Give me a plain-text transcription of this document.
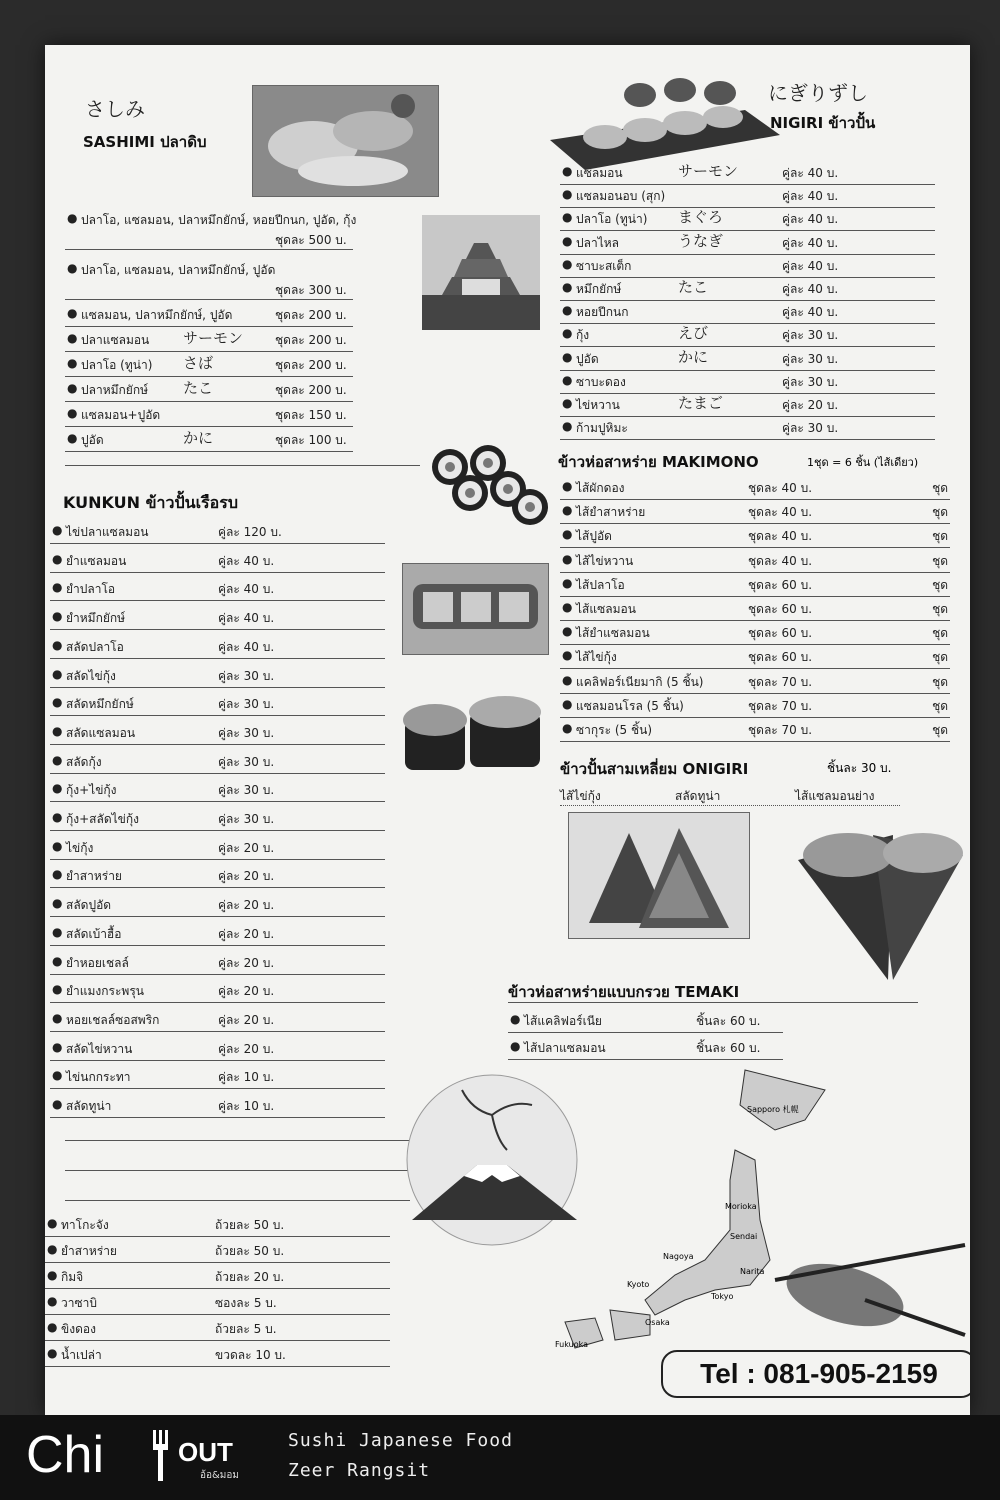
さしみ
SASHIMI ปลาดิบ
● ปลาโอ, แซลมอน, ปลาหมึกยักษ์, หอยปีกนก, ปูอัด, กุ้ง
ชุดละ 500 บ.
● ปลาโอ, แซลมอน, ปลาหมึกยักษ์, ปูอัด
ชุดละ 300 บ.
● แซลมอน, ปลาหมึกยักษ์, ปูอัด	ชุดละ 200 บ.
● ปลาแซลมอน サーモン	ชุดละ 200 บ.
● ปลาโอ (ทูน่า) さば	ชุดละ 200 บ.
● ปลาหมึกยักษ์ たこ	ชุดละ 200 บ.
● แซลมอน+ปูอัด	ชุดละ 150 บ.
● ปูอัด	かに	ชุดละ 100 บ.
KUNKUN ข้าวปั้นเรือรบ
● ไข่ปลาแซลมอน	คู่ละ 120 บ.
● ยำแซลมอน	คู่ละ 40 บ.
● ยำปลาโอ	คู่ละ 40 บ.
● ยำหมึกยักษ์	คู่ละ 40 บ.
● สลัดปลาโอ	คู่ละ 40 บ.
● สลัดไข่กุ้ง	คู่ละ 30 บ.
● สลัดหมึกยักษ์	คู่ละ 30 บ.
● สลัดแซลมอน	คู่ละ 30 บ.
● สลัดกุ้ง	คู่ละ 30 บ.
● กุ้ง+ไข่กุ้ง	คู่ละ 30 บ.
● กุ้ง+สลัดไข่กุ้ง	คู่ละ 30 บ.
● ไข่กุ้ง	คู่ละ 20 บ.
● ยำสาหร่าย	คู่ละ 20 บ.
● สลัดปูอัด	คู่ละ 20 บ.
● สลัดเบ้าฮื้อ	คู่ละ 20 บ.
● ยำหอยเชลล์	คู่ละ 20 บ.
● ยำแมงกระพรุน	คู่ละ 20 บ.
● หอยเชลล์ซอสพริก	คู่ละ 20 บ.
● สลัดไข่หวาน	คู่ละ 20 บ.
● ไข่นกกระทา	คู่ละ 10 บ.
● สลัดทูน่า	คู่ละ 10 บ.
● ทาโกะจัง	ถ้วยละ 50 บ.
● ยำสาหร่าย	ถ้วยละ 50 บ.
● กิมจิ	ถ้วยละ 20 บ.
● วาซาบิ	ซองละ 5 บ.
● ขิงดอง	ถ้วยละ 5 บ.
● น้ำเปล่า	ขวดละ 10 บ.
にぎりずし
NIGIRI ข้าวปั้น
● แซลมอน	サーモン	คู่ละ 40 บ.
● แซลมอนอบ (สุก)	คู่ละ 40 บ.
● ปลาโอ (ทูน่า) まぐろ	คู่ละ 40 บ.
● ปลาไหล	うなぎ	คู่ละ 40 บ.
● ซาบะสเต็ก	คู่ละ 40 บ.
● หมึกยักษ์	たこ	คู่ละ 40 บ.
● หอยปีกนก	คู่ละ 40 บ.
● กุ้ง	えび	คู่ละ 30 บ.
● ปูอัด	かに	คู่ละ 30 บ.
● ซาบะดอง	คู่ละ 30 บ.
● ไข่หวาน	たまご	คู่ละ 20 บ.
● ก้ามปูหิมะ	คู่ละ 30 บ.
ข้าวห่อสาหร่าย MAKIMONO	1ชุด = 6 ชิ้น (ไส้เดียว)
● ไส้ผักดอง	ชุดละ 40 บ.	ชุด
● ไส้ยำสาหร่าย	ชุดละ 40 บ.	ชุด
● ไส้ปูอัด	ชุดละ 40 บ.	ชุด
● ไส้ไข่หวาน	ชุดละ 40 บ.	ชุด
● ไส้ปลาโอ	ชุดละ 60 บ.	ชุด
● ไส้แซลมอน	ชุดละ 60 บ.	ชุด
● ไส้ยำแซลมอน	ชุดละ 60 บ.	ชุด
● ไส้ไข่กุ้ง	ชุดละ 60 บ.	ชุด
● แคลิฟอร์เนียมากิ (5 ชิ้น)	ชุดละ 70 บ.	ชุด
● แซลมอนโรล (5 ชิ้น)	ชุดละ 70 บ.	ชุด
● ซากุระ (5 ชิ้น)	ชุดละ 70 บ.	ชุด
ข้าวปั้นสามเหลี่ยม ONIGIRI	ชิ้นละ 30 บ.
ไส้ไข่กุ้ง	สลัดทูน่า	ไส้แซลมอนย่าง
ข้าวห่อสาหร่ายแบบกรวย TEMAKI
● ไส้แคลิฟอร์เนีย	ชิ้นละ 60 บ.
● ไส้ปลาแซลมอน	ชิ้นละ 60 บ.
Sapporo 札幌
Morioka
Sendai
Narita
Tokyo
Nagoya
Kyoto
Osaka
Fukuoka
Tel : 081-905-2159
Chi	OUT
อ้อ&มอม
Sushi Japanese Food
Zeer Rangsit
